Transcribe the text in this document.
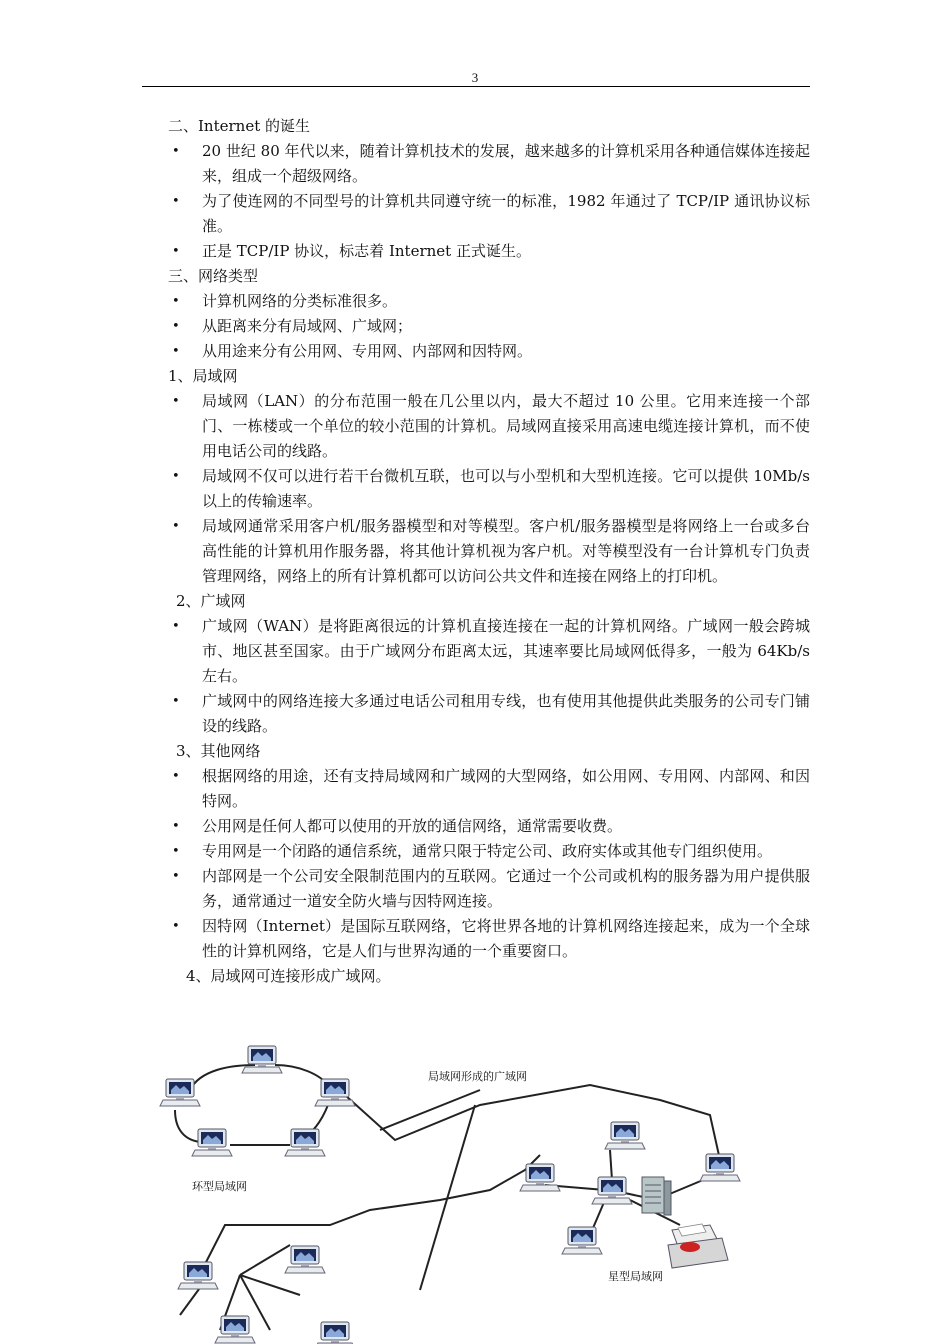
3

二、Internet 的诞生

• 20 世纪 80 年代以来，随着计算机技术的发展，越来越多的计算机采用各种通信媒体连接起来，组成一个超级网络。

• 为了使连网的不同型号的计算机共同遵守统一的标准，1982 年通过了 TCP/IP 通讯协议标准。

• 正是 TCP/IP 协议，标志着 Internet 正式诞生。

三、网络类型

• 计算机网络的分类标准很多。

• 从距离来分有局域网、广域网；

• 从用途来分有公用网、专用网、内部网和因特网。

1、局域网

• 局域网（LAN）的分布范围一般在几公里以内，最大不超过 10 公里。它用来连接一个部门、一栋楼或一个单位的较小范围的计算机。局域网直接采用高速电缆连接计算机，而不使用电话公司的线路。

• 局域网不仅可以进行若干台微机互联，也可以与小型机和大型机连接。它可以提供 10Mb/s 以上的传输速率。

• 局域网通常采用客户机/服务器模型和对等模型。客户机/服务器模型是将网络上一台或多台高性能的计算机用作服务器，将其他计算机视为客户机。对等模型没有一台计算机专门负责管理网络，网络上的所有计算机都可以访问公共文件和连接在网络上的打印机。

2、广域网

• 广域网（WAN）是将距离很远的计算机直接连接在一起的计算机网络。广域网一般会跨城市、地区甚至国家。由于广域网分布距离太远，其速率要比局域网低得多，一般为 64Kb/s 左右。

• 广域网中的网络连接大多通过电话公司租用专线，也有使用其他提供此类服务的公司专门铺设的线路。

3、其他网络

• 根据网络的用途，还有支持局域网和广域网的大型网络，如公用网、专用网、内部网、和因特网。

• 公用网是任何人都可以使用的开放的通信网络，通常需要收费。

• 专用网是一个闭路的通信系统，通常只限于特定公司、政府实体或其他专门组织使用。

• 内部网是一个公司安全限制范围内的互联网。它通过一个公司或机构的服务器为用户提供服务，通常通过一道安全防火墙与因特网连接。

• 因特网（Internet）是国际互联网络，它将世界各地的计算机网络连接起来，成为一个全球性的计算机网络，它是人们与世界沟通的一个重要窗口。

4、局域网可连接形成广域网。

局域网形成的广域网
环型局域网
星型局域网
